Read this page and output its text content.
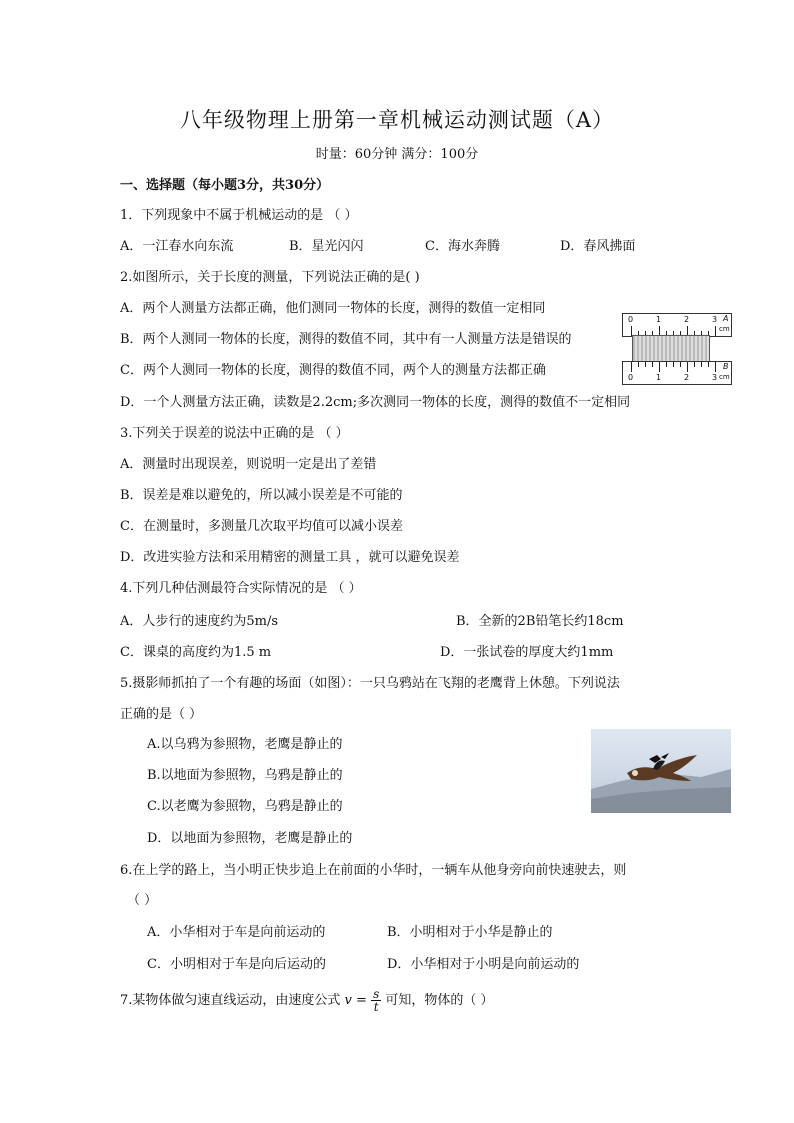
八年级物理上册第一章机械运动测试题（A）
时量：60分钟 满分：100分
一、选择题（每小题3分，共30分）
1．下列现象中不属于机械运动的是 （ ）
A．一江春水向东流	B．星光闪闪	C．海水奔腾	D．春风拂面
2.如图所示，关于长度的测量，下列说法正确的是( )
A．两个人测量方法都正确，他们测同一物体的长度，测得的数值一定相同
B．两个人测同一物体的长度，测得的数值不同，其中有一人测量方法是错误的
C．两个人测同一物体的长度，测得的数值不同，两个人的测量方法都正确
D．一个人测量方法正确，读数是2.2cm;多次测同一物体的长度，测得的数值不一定相同
0	1	2	3 A
cm
0	1	2	3
B
cm
3.下列关于误差的说法中正确的是 （ ）
A．测量时出现误差，则说明一定是出了差错
B．误差是难以避免的，所以减小误差是不可能的
C．在测量时，多测量几次取平均值可以减小误差
D．改进实验方法和采用精密的测量工具 ，就可以避免误差
4.下列几种估测最符合实际情况的是 （ ）
A．人步行的速度约为5m/s	B．全新的2B铅笔长约18cm
C．课桌的高度约为1.5 m	D．一张试卷的厚度大约1mm
5.摄影师抓拍了一个有趣的场面（如图）：一只乌鸦站在飞翔的老鹰背上休憩。下列说法
正确的是（ ）
A.以乌鸦为参照物，老鹰是静止的
B.以地面为参照物，乌鸦是静止的
C.以老鹰为参照物，乌鸦是静止的
D．以地面为参照物，老鹰是静止的
6.在上学的路上，当小明正快步追上在前面的小华时，一辆车从他身旁向前快速驶去，则
（ ）
A．小华相对于车是向前运动的	B．小明相对于小华是静止的
C．小明相对于车是向后运动的	D．小华相对于小明是向前运动的
7.某物体做匀速直线运动，由速度公式 $v = \frac{s}{t}$ 可知，物体的（ ）
